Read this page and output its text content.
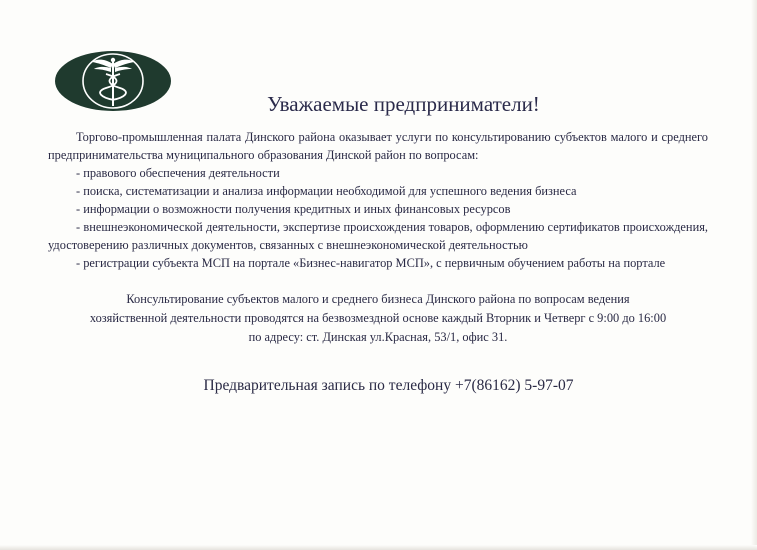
Уважаемые предприниматели!

Торгово-промышленная палата Динского района оказывает услуги по консультированию субъектов малого и среднего предпринимательства муниципального образования Динской район по вопросам:

- правового обеспечения деятельности

- поиска, систематизации и анализа информации необходимой для успешного ведения бизнеса

- информации о возможности получения кредитных и иных финансовых ресурсов

- внешнеэкономической деятельности, экспертизе происхождения товаров, оформлению сертификатов происхождения, удостоверению различных документов, связанных с внешнеэкономической деятельностью

- регистрации субъекта МСП на портале «Бизнес-навигатор МСП», с первичным обучением работы на портале

Консультирование субъектов малого и среднего бизнеса Динского района по вопросам ведения
хозяйственной деятельности проводятся на безвозмездной основе каждый Вторник и Четверг с 9:00 до 16:00
по адресу: ст. Динская ул.Красная, 53/1, офис 31.
Предварительная запись по телефону +7(86162) 5-97-07
